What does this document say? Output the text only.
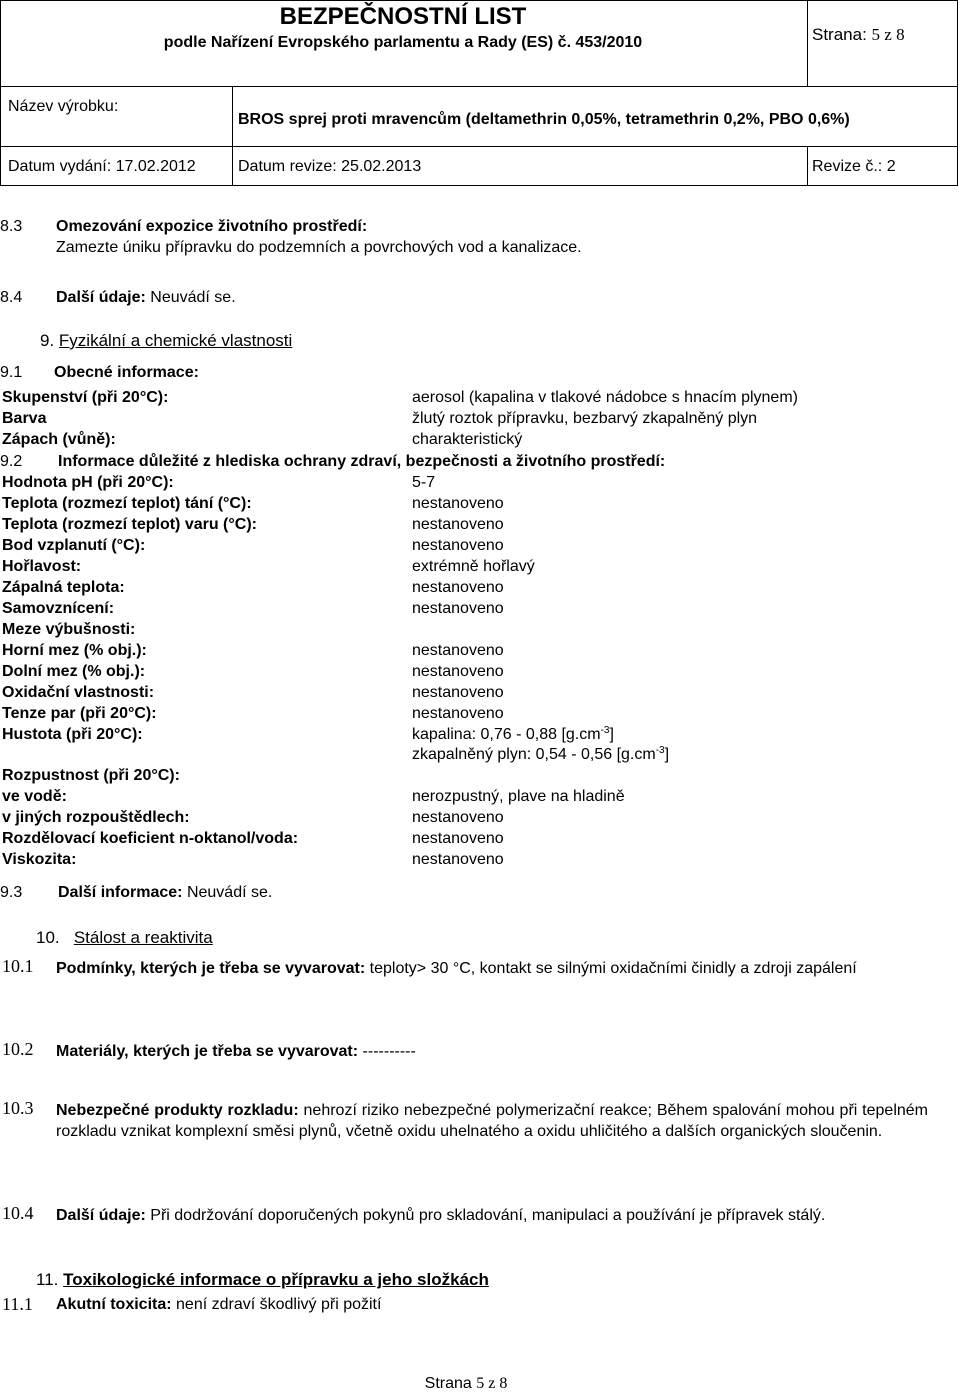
BEZPEČNOSTNÍ LIST
podle Nařízení Evropského parlamentu a Rady (ES) č. 453/2010	Strana: 5 z 8
Název výrobku:
BROS sprej proti mravencům (deltamethrin 0,05%, tetramethrin 0,2%, PBO 0,6%)
Datum vydání: 17.02.2012	Datum revize: 25.02.2013	Revize č.: 2
8.3 Omezování expozice životního prostředí:
Zamezte úniku přípravku do podzemních a povrchových vod a kanalizace.
8.4 Další údaje: Neuvádí se.
9. Fyzikální a chemické vlastnosti
9.1 Obecné informace:
Skupenství (při 20°C):	aerosol (kapalina v tlakové nádobce s hnacím plynem)
Barva	žlutý roztok přípravku, bezbarvý zkapalněný plyn
Zápach (vůně):	charakteristický
9.2 Informace důležité z hlediska ochrany zdraví, bezpečnosti a životního prostředí:
Hodnota pH (při 20°C):	5-7
Teplota (rozmezí teplot) tání (°C):	nestanoveno
Teplota (rozmezí teplot) varu (°C):	nestanoveno
Bod vzplanutí (°C):	nestanoveno
Hořlavost:	extrémně hořlavý
Zápalná teplota:	nestanoveno
Samovznícení:	nestanoveno
Meze výbušnosti:
Horní mez (% obj.):	nestanoveno
Dolní mez (% obj.):	nestanoveno
Oxidační vlastnosti:	nestanoveno
Tenze par (při 20°C):	nestanoveno
Hustota (při 20°C):	kapalina: 0,76 - 0,88 $[g.cm^{-3}]$
zkapalněný plyn: 0,54 - 0,56 $[g.cm^{-3}]$
Rozpustnost (při 20°C):
ve vodě:	nerozpustný, plave na hladině
v jiných rozpouštědlech:	nestanoveno
Rozdělovací koeficient n-oktanol/voda:	nestanoveno
Viskozita:	nestanoveno
9.3 Další informace: Neuvádí se.
10. Stálost a reaktivita
10.1 Podmínky, kterých je třeba se vyvarovat: teploty> 30 °C, kontakt se silnými oxidačními činidly a zdroji zapálení
10.2 Materiály, kterých je třeba se vyvarovat: ----------
10.3 Nebezpečné produkty rozkladu: nehrozí riziko nebezpečné polymerizační reakce; Během spalování mohou při tepelném rozkladu vznikat komplexní směsi plynů, včetně oxidu uhelnatého a oxidu uhličitého a dalších organických sloučenin.
10.4 Další údaje: Při dodržování doporučených pokynů pro skladování, manipulaci a používání je přípravek stálý.
11. Toxikologické informace o přípravku a jeho složkách
11.1 Akutní toxicita: není zdraví škodlivý při požití
Strana 5 z 8
